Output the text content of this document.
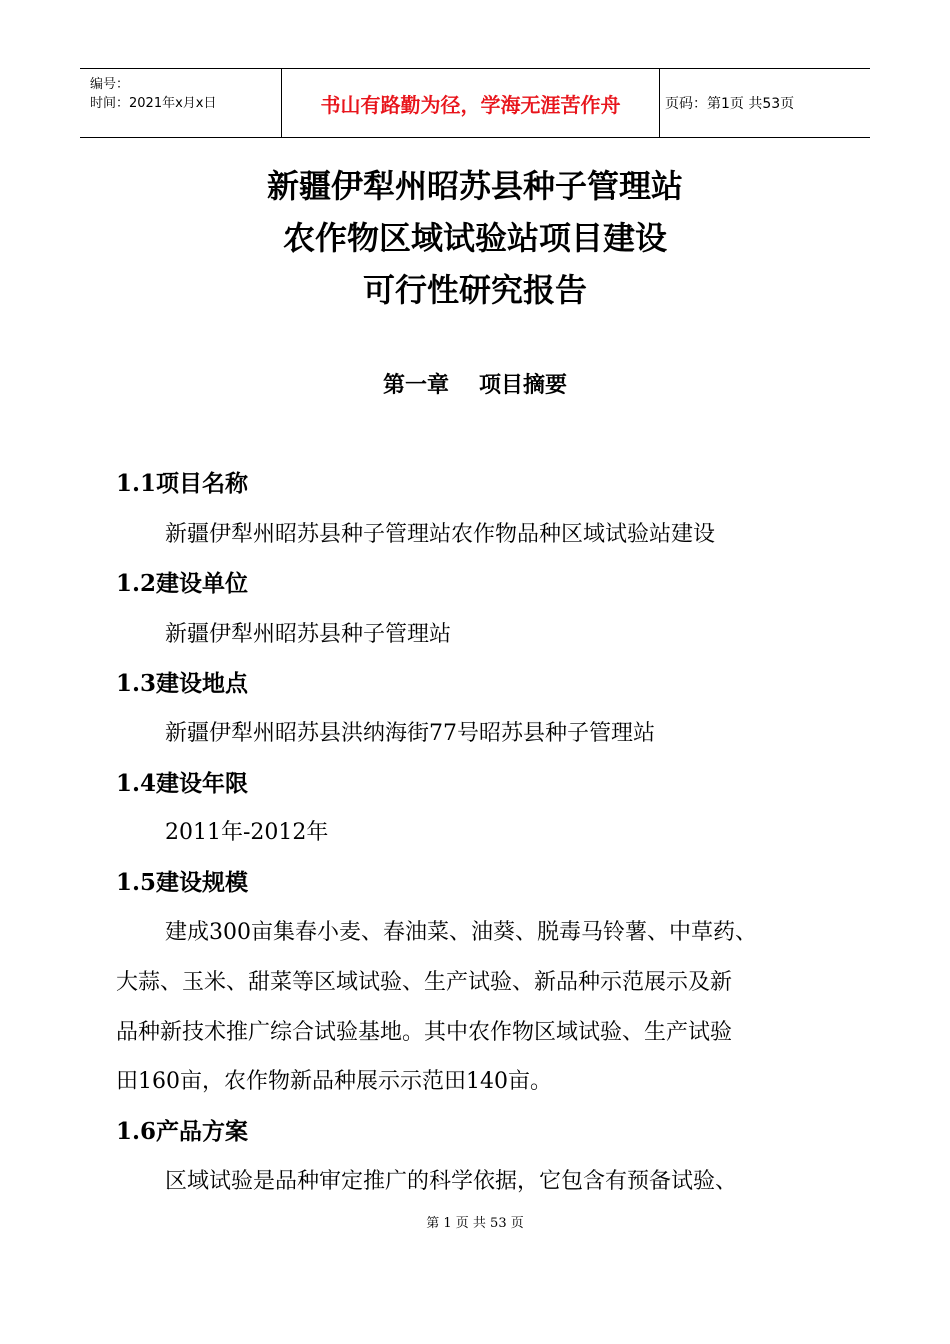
编号：
时间：2021年x月x日	书山有路勤为径，学海无涯苦作舟	页码：第1页 共53页
新疆伊犁州昭苏县种子管理站
农作物区域试验站项目建设
可行性研究报告
第一章 项目摘要
1.1项目名称
新疆伊犁州昭苏县种子管理站农作物品种区域试验站建设
1.2建设单位
新疆伊犁州昭苏县种子管理站
1.3建设地点
新疆伊犁州昭苏县洪纳海街77号昭苏县种子管理站
1.4建设年限
2011年-2012年
1.5建设规模
建成300亩集春小麦、春油菜、油葵、脱毒马铃薯、中草药、
大蒜、玉米、甜菜等区域试验、生产试验、新品种示范展示及新
品种新技术推广综合试验基地。其中农作物区域试验、生产试验
田160亩，农作物新品种展示示范田140亩。
1.6产品方案
区域试验是品种审定推广的科学依据，它包含有预备试验、
第 1 页 共 53 页
